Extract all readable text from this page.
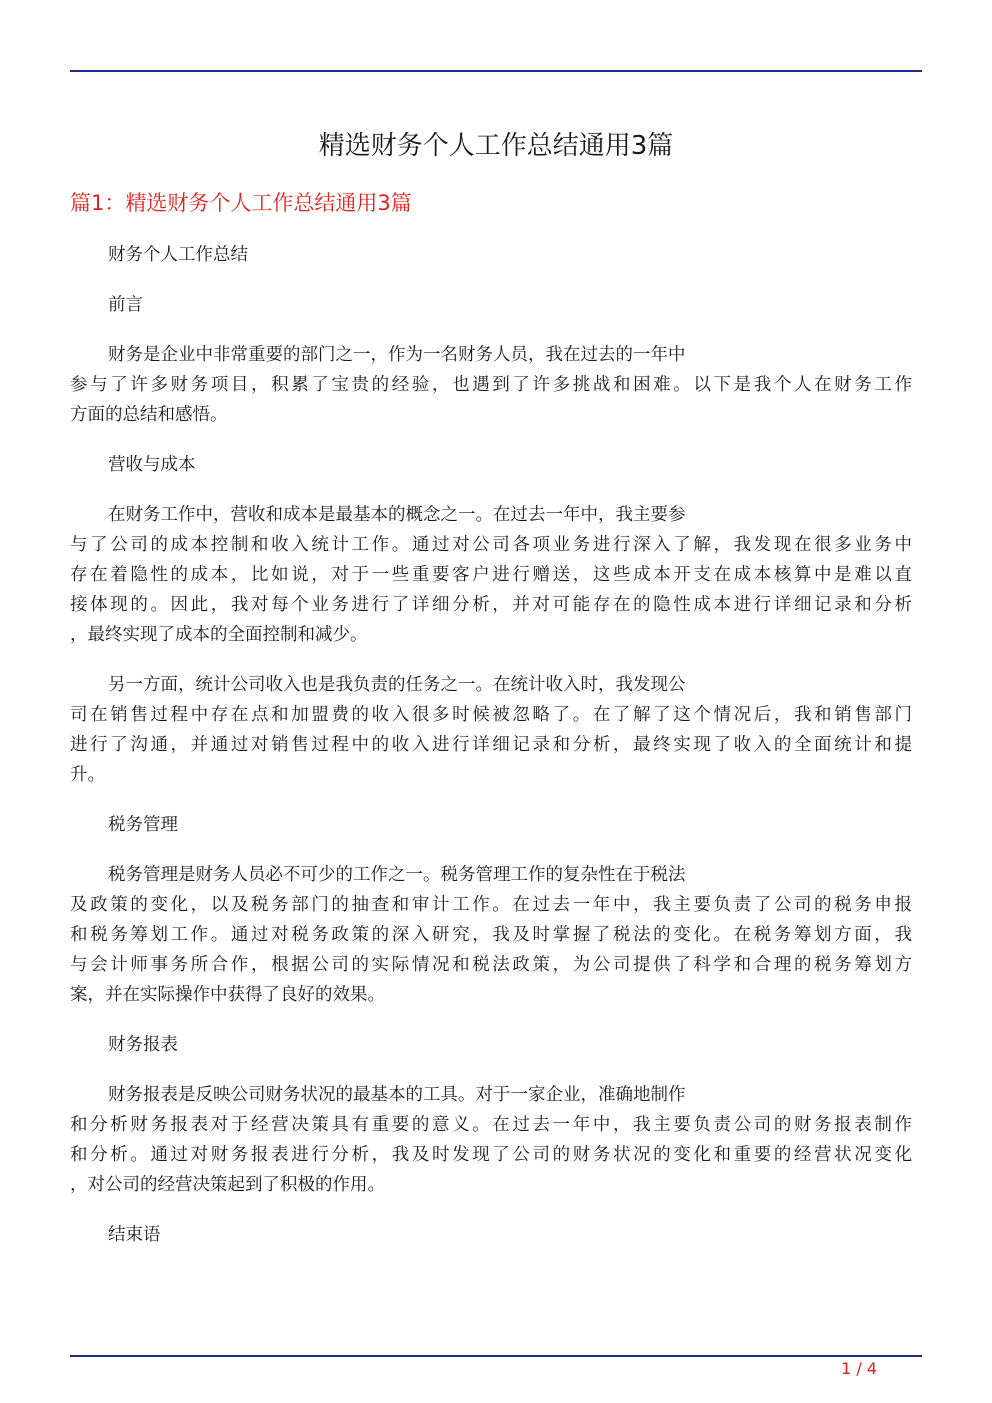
精选财务个人工作总结通用3篇
篇1：精选财务个人工作总结通用3篇
财务个人工作总结
前言
财务是企业中非常重要的部门之一，作为一名财务人员，我在过去的一年中
参与了许多财务项目，积累了宝贵的经验，也遇到了许多挑战和困难。以下是我个人在财务工作
方面的总结和感悟。
营收与成本
在财务工作中，营收和成本是最基本的概念之一。在过去一年中，我主要参
与了公司的成本控制和收入统计工作。通过对公司各项业务进行深入了解，我发现在很多业务中
存在着隐性的成本，比如说，对于一些重要客户进行赠送，这些成本开支在成本核算中是难以直
接体现的。因此，我对每个业务进行了详细分析，并对可能存在的隐性成本进行详细记录和分析
，最终实现了成本的全面控制和减少。
另一方面，统计公司收入也是我负责的任务之一。在统计收入时，我发现公
司在销售过程中存在点和加盟费的收入很多时候被忽略了。在了解了这个情况后，我和销售部门
进行了沟通，并通过对销售过程中的收入进行详细记录和分析，最终实现了收入的全面统计和提
升。
税务管理
税务管理是财务人员必不可少的工作之一。税务管理工作的复杂性在于税法
及政策的变化，以及税务部门的抽查和审计工作。在过去一年中，我主要负责了公司的税务申报
和税务筹划工作。通过对税务政策的深入研究，我及时掌握了税法的变化。在税务筹划方面，我
与会计师事务所合作，根据公司的实际情况和税法政策，为公司提供了科学和合理的税务筹划方
案，并在实际操作中获得了良好的效果。
财务报表
财务报表是反映公司财务状况的最基本的工具。对于一家企业，准确地制作
和分析财务报表对于经营决策具有重要的意义。在过去一年中，我主要负责公司的财务报表制作
和分析。通过对财务报表进行分析，我及时发现了公司的财务状况的变化和重要的经营状况变化
，对公司的经营决策起到了积极的作用。
结束语
1 / 4
